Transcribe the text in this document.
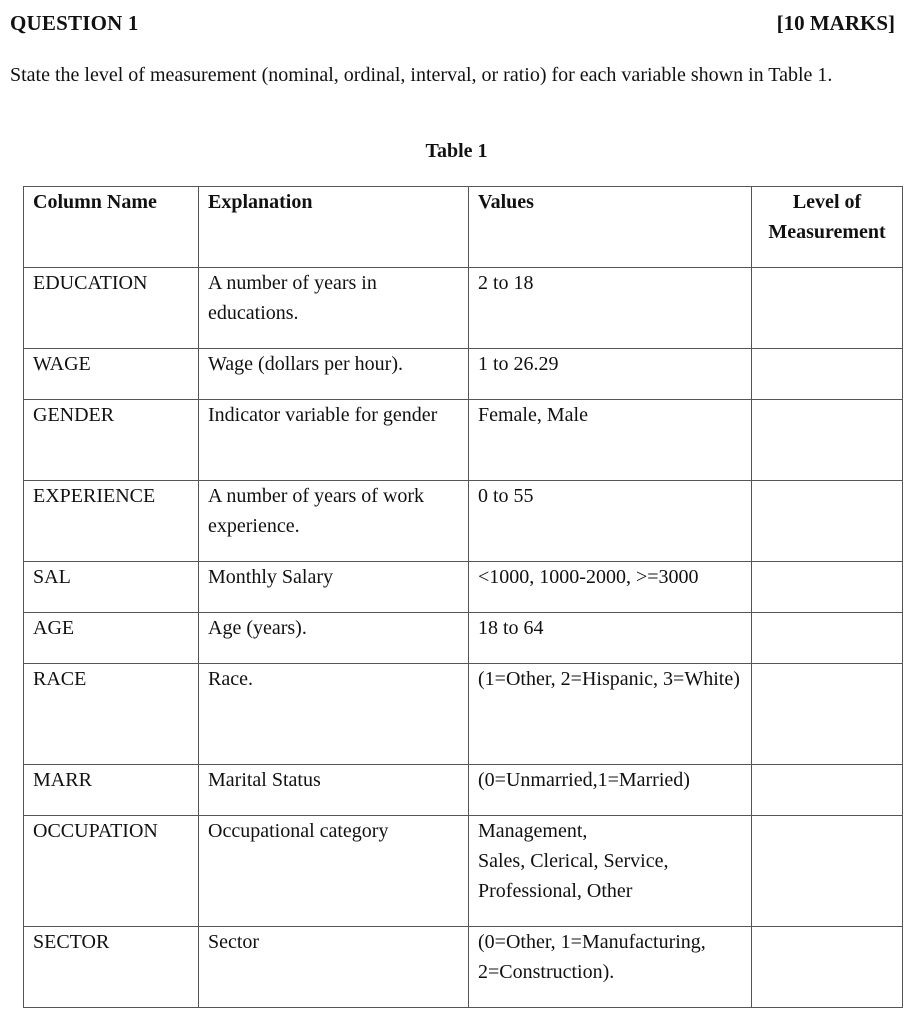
QUESTION 1	[10 MARKS]
State the level of measurement (nominal, ordinal, interval, or ratio) for each variable shown in Table 1.
Table 1
Column Name	Explanation	Values	Level of
Measurement
EDUCATION	A number of years in educations.	2 to 18	
WAGE	Wage (dollars per hour).	1 to 26.29	
GENDER	Indicator variable for gender	Female, Male	
EXPERIENCE	A number of years of work experience.	0 to 55	
SAL	Monthly Salary	<1000, 1000-2000, >=3000	
AGE	Age (years).	18 to 64	
RACE	Race.	(1=Other, 2=Hispanic, 3=White)	
MARR	Marital Status	(0=Unmarried,1=Married)	
OCCUPATION	Occupational category	Management,
Sales, Clerical, Service,
Professional, Other	
SECTOR	Sector	(0=Other, 1=Manufacturing, 2=Construction).	
